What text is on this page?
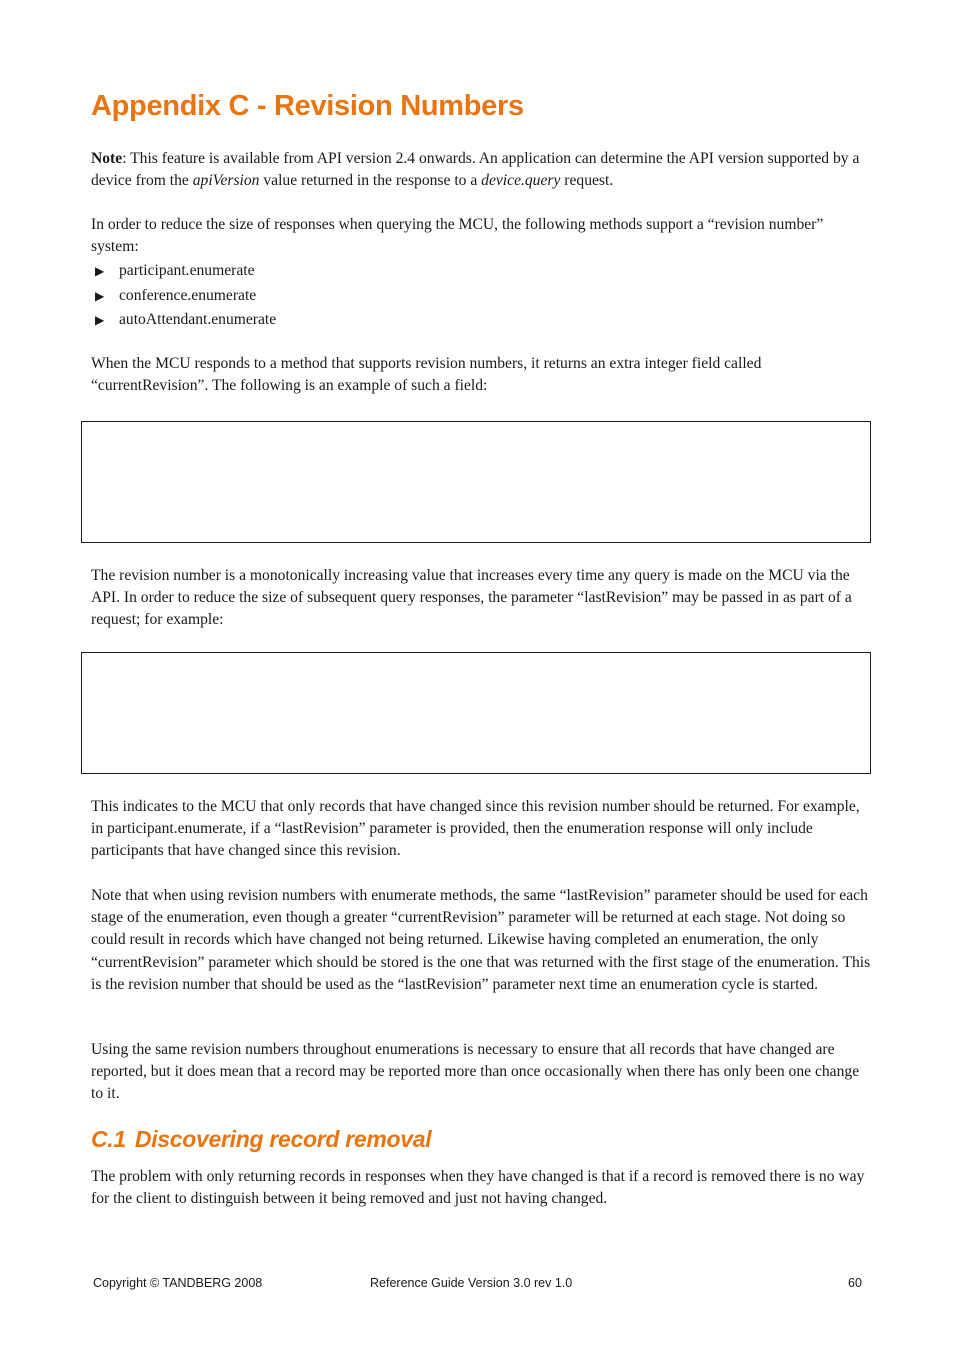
Appendix C - Revision Numbers

Note: This feature is available from API version 2.4 onwards. An application can determine the API version supported by a device from the apiVersion value returned in the response to a device.query request.

In order to reduce the size of responses when querying the MCU, the following methods support a “revision number” system:

▶ participant.enumerate
▶ conference.enumerate
▶ autoAttendant.enumerate

When the MCU responds to a method that supports revision numbers, it returns an extra integer field called “currentRevision”. The following is an example of such a field:

The revision number is a monotonically increasing value that increases every time any query is made on the MCU via the API. In order to reduce the size of subsequent query responses, the parameter “lastRevision” may be passed in as part of a request; for example:

This indicates to the MCU that only records that have changed since this revision number should be returned. For example, in participant.enumerate, if a “lastRevision” parameter is provided, then the enumeration response will only include participants that have changed since this revision.

Note that when using revision numbers with enumerate methods, the same “lastRevision” parameter should be used for each stage of the enumeration, even though a greater “currentRevision” parameter will be returned at each stage. Not doing so could result in records which have changed not being returned. Likewise having completed an enumeration, the only “currentRevision” parameter which should be stored is the one that was returned with the first stage of the enumeration. This is the revision number that should be used as the “lastRevision” parameter next time an enumeration cycle is started.

Using the same revision numbers throughout enumerations is necessary to ensure that all records that have changed are reported, but it does mean that a record may be reported more than once occasionally when there has only been one change to it.

C.1 Discovering record removal

The problem with only returning records in responses when they have changed is that if a record is removed there is no way for the client to distinguish between it being removed and just not having changed.

Copyright © TANDBERG 2008	Reference Guide Version 3.0 rev 1.0	60
